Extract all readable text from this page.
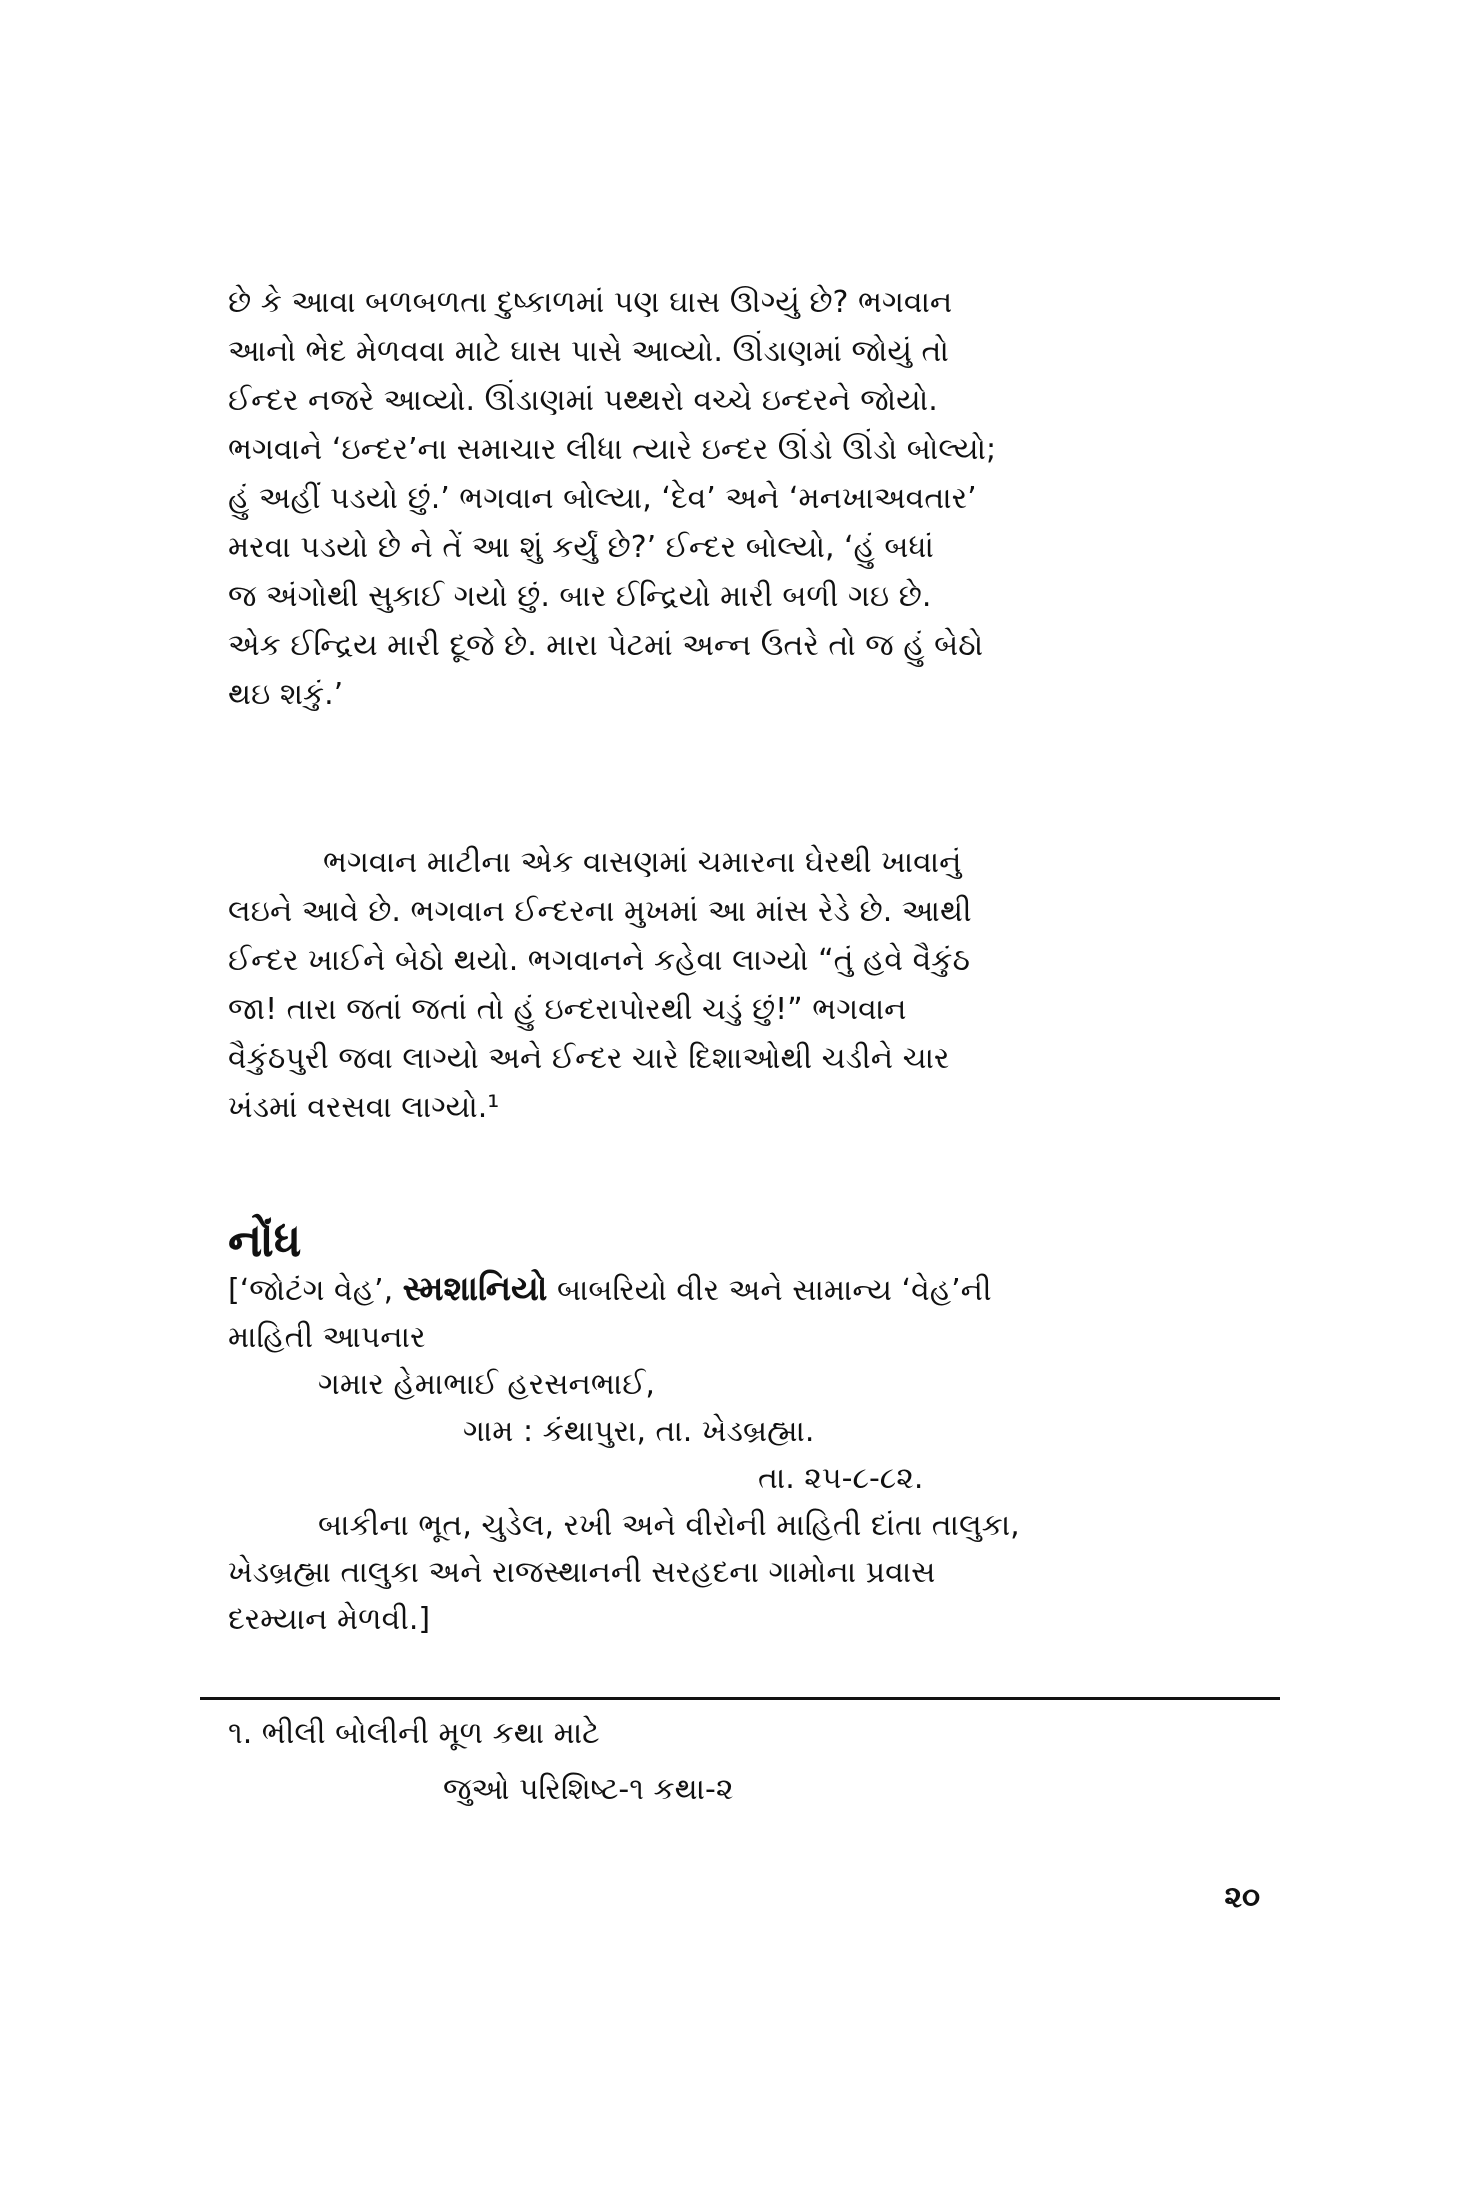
છે કે આવા બળબળતા દુષ્કાળમાં પણ ઘાસ ઊગ્યું છે? ભગવાન

આનો ભેદ મેળવવા માટે ઘાસ પાસે આવ્યો. ઊંડાણમાં જોયું તો

ઈન્દર નજરે આવ્યો. ઊંડાણમાં પથ્થરો વચ્ચે ઇન્દરને જોયો.

ભગવાને ‘ઇન્દર’ના સમાચાર લીધા ત્યારે ઇન્દર ઊંડો ઊંડો બોલ્યો;

હું અહીં પડયો છું.’ ભગવાન બોલ્યા, ‘દેવ’ અને ‘મનખાઅવતાર’

મરવા પડયો છે ને તેં આ શું કર્યું છે?’ ઈન્દર બોલ્યો, ‘હું બધાં

જ અંગોથી સુકાઈ ગયો છું. બાર ઈન્દ્રિયો મારી બળી ગઇ છે.

એક ઈન્દ્રિય મારી દૂજે છે. મારા પેટમાં અન્ન ઉતરે તો જ હું બેઠો

થઇ શકું.’

ભગવાન માટીના એક વાસણમાં ચમારના ઘેરથી ખાવાનું

લઇને આવે છે. ભગવાન ઈન્દરના મુખમાં આ માંસ રેડે છે. આથી

ઈન્દર ખાઈને બેઠો થયો. ભગવાનને કહેવા લાગ્યો “તું હવે વૈકુંઠ

જા! તારા જતાં જતાં તો હું ઇન્દરાપોરથી ચડું છું!” ભગવાન

વૈકુંઠપુરી જવા લાગ્યો અને ઈન્દર ચારે દિશાઓથી ચડીને ચાર

ખંડમાં વરસવા લાગ્યો.¹

નોંધ

[‘જોટંગ વેહ’, સ્મશાનિયો બાબરિયો વીર અને સામાન્ય ‘વેહ’ની

માહિતી આપનાર

ગમાર હેમાભાઈ હરસનભાઈ,

ગામ : કંથાપુરા, તા. ખેડબ્રહ્મા.

તા. ૨૫-૮-૮૨.

બાકીના ભૂત, ચુડેલ, રખી અને વીરોની માહિતી દાંતા તાલુકા,

ખેડબ્રહ્મા તાલુકા અને રાજસ્થાનની સરહદના ગામોના પ્રવાસ

દરમ્યાન મેળવી.]

૧. ભીલી બોલીની મૂળ કથા માટે

જુઓ પરિશિષ્ટ-૧ કથા-૨

૨૦
